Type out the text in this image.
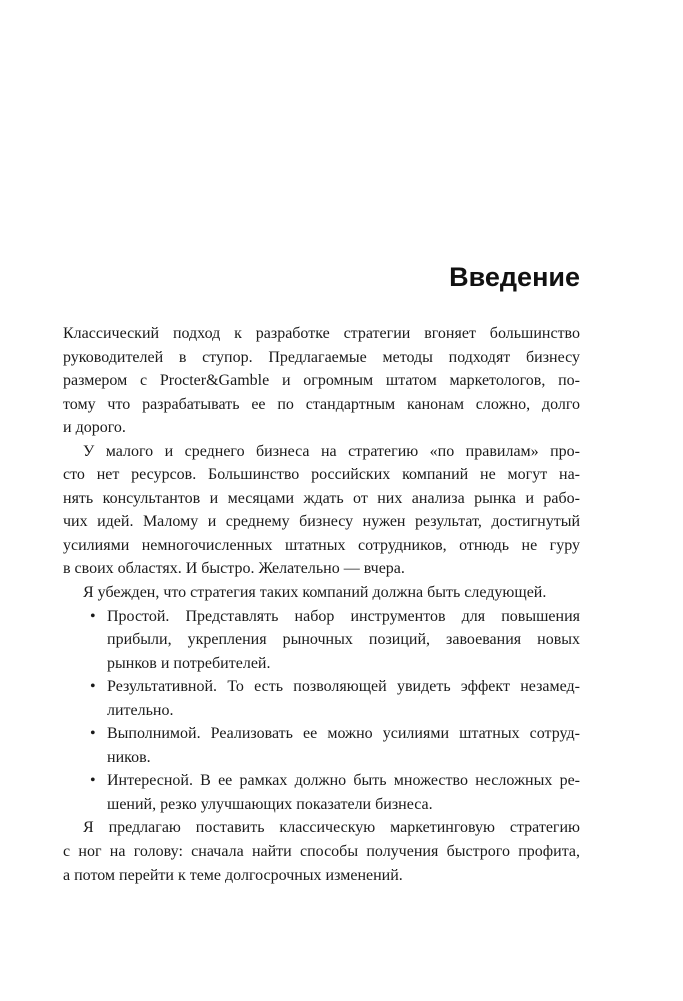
Введение
Классический подход к разработке стратегии вгоняет большинство
руководителей в ступор. Предлагаемые методы подходят бизнесу
размером с Procter&Gamble и огромным штатом маркетологов, по-
тому что разрабатывать ее по стандартным канонам сложно, долго
и дорого.
У малого и среднего бизнеса на стратегию «по правилам» про-
сто нет ресурсов. Большинство российских компаний не могут на-
нять консультантов и месяцами ждать от них анализа рынка и рабо-
чих идей. Малому и среднему бизнесу нужен результат, достигнутый
усилиями немногочисленных штатных сотрудников, отнюдь не гуру
в своих областях. И быстро. Желательно — вчера.
Я убежден, что стратегия таких компаний должна быть следующей.
• Простой. Представлять набор инструментов для повышения
прибыли, укрепления рыночных позиций, завоевания новых
рынков и потребителей.
• Результативной. То есть позволяющей увидеть эффект незамед-
лительно.
• Выполнимой. Реализовать ее можно усилиями штатных сотруд-
ников.
• Интересной. В ее рамках должно быть множество несложных ре-
шений, резко улучшающих показатели бизнеса.
Я предлагаю поставить классическую маркетинговую стратегию
с ног на голову: сначала найти способы получения быстрого профита,
а потом перейти к теме долгосрочных изменений.
